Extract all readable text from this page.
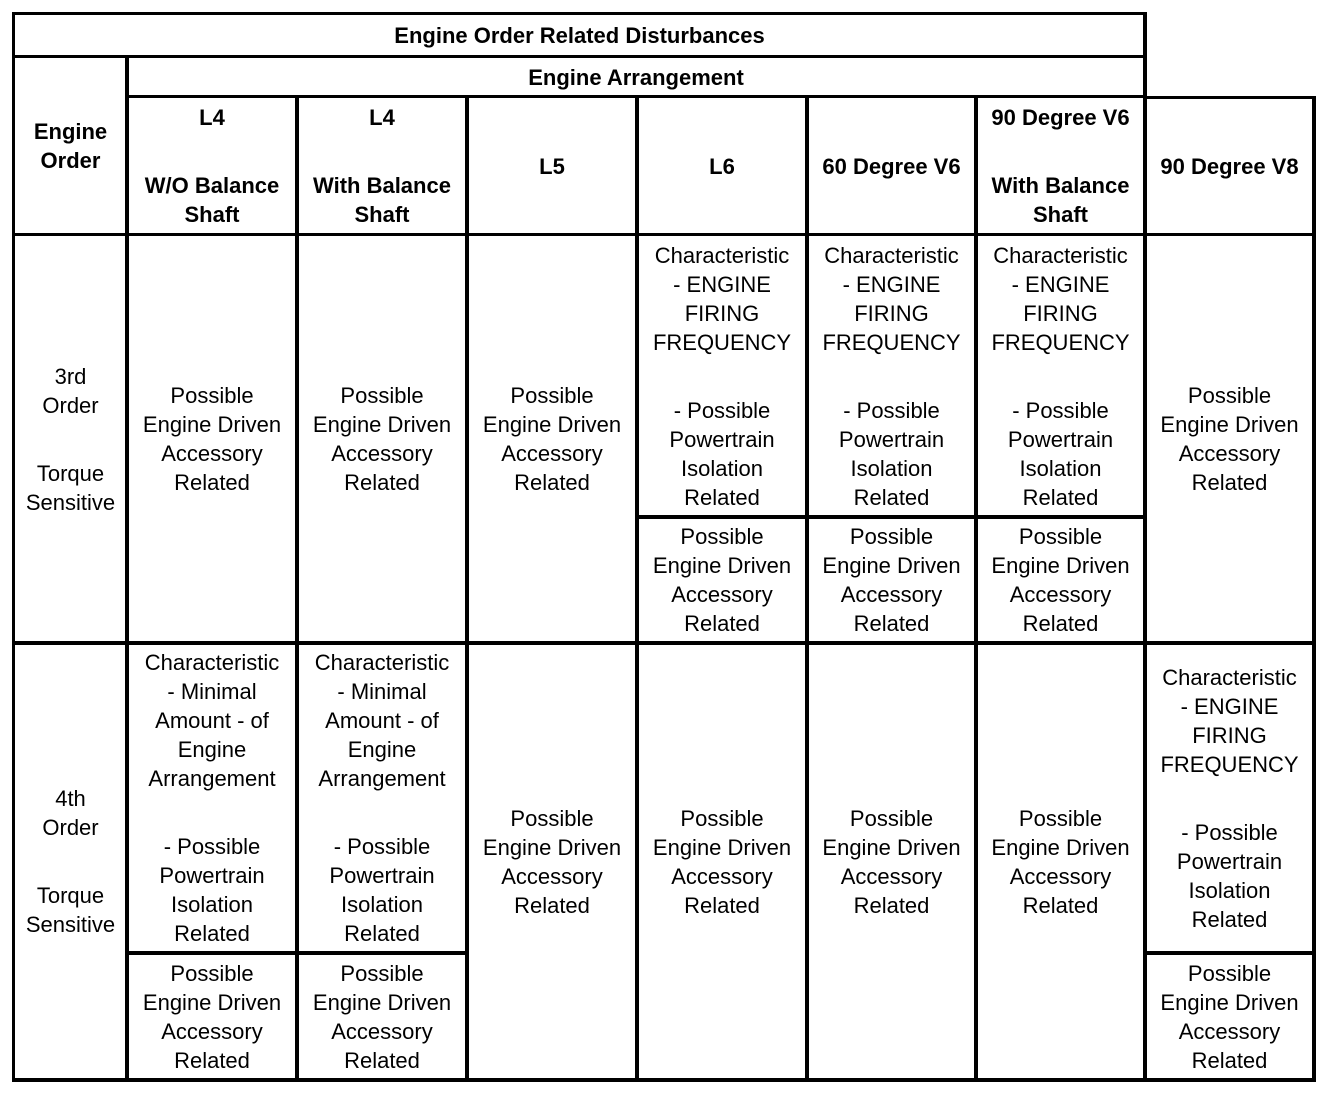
Engine Order Related Disturbances
Engine
Order
Engine Arrangement
L4
W/O Balance
Shaft
L4
With Balance
Shaft
L5	L6	60 Degree V6
90 Degree V6
With Balance
Shaft
90 Degree V8
3rd
Order
Torque
Sensitive
Possible
Engine Driven
Accessory
Related
Possible
Engine Driven
Accessory
Related
Possible
Engine Driven
Accessory
Related
Characteristic
- ENGINE
FIRING
FREQUENCY
- Possible
Powertrain
Isolation
Related
Characteristic
- ENGINE
FIRING
FREQUENCY
- Possible
Powertrain
Isolation
Related
Characteristic
- ENGINE
FIRING
FREQUENCY
- Possible
Powertrain
Isolation
Related
Possible
Engine Driven
Accessory
Related
Possible
Engine Driven
Accessory
Related
Possible
Engine Driven
Accessory
Related
Possible
Engine Driven
Accessory
Related
4th
Order
Torque
Sensitive
Characteristic
- Minimal
Amount - of
Engine
Arrangement
- Possible
Powertrain
Isolation
Related
Characteristic
- Minimal
Amount - of
Engine
Arrangement
- Possible
Powertrain
Isolation
Related
Possible
Engine Driven
Accessory
Related
Possible
Engine Driven
Accessory
Related
Possible
Engine Driven
Accessory
Related
Possible
Engine Driven
Accessory
Related
Possible
Engine Driven
Accessory
Related
Possible
Engine Driven
Accessory
Related
Characteristic
- ENGINE
FIRING
FREQUENCY
- Possible
Powertrain
Isolation
Related
Possible
Engine Driven
Accessory
Related
